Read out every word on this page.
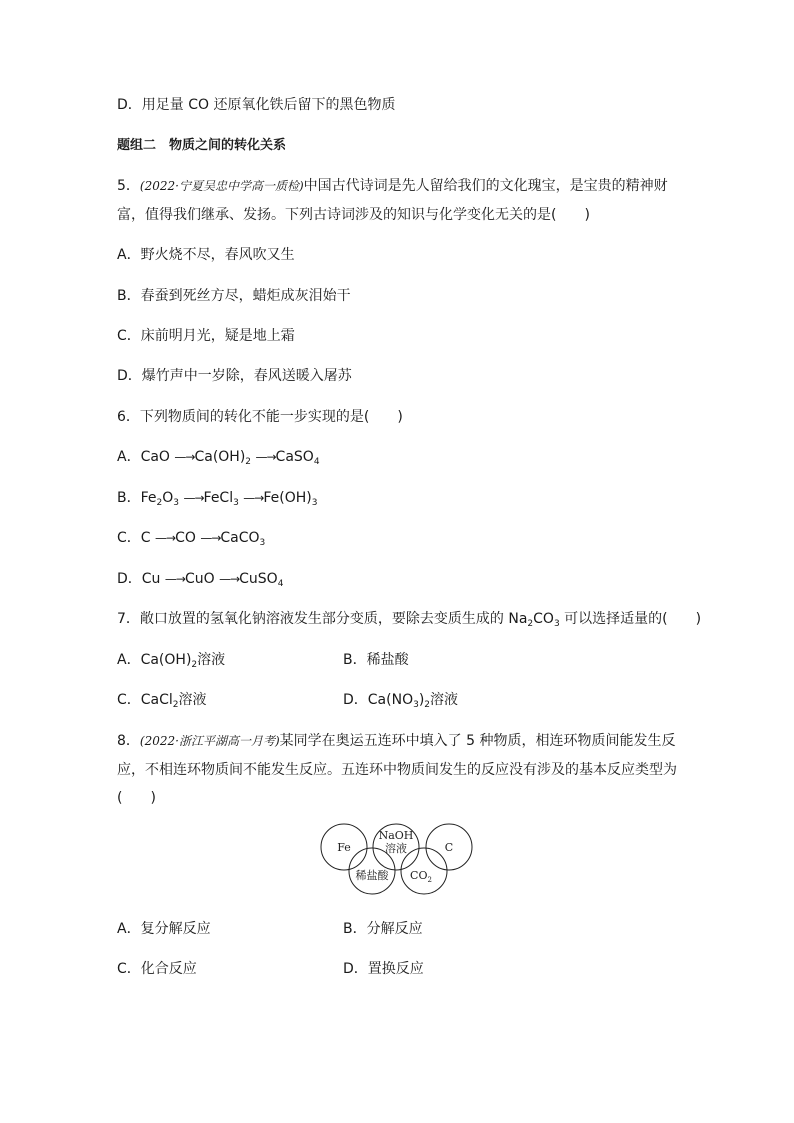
D．用足量 CO 还原氧化铁后留下的黑色物质
题组二　物质之间的转化关系
5．(2022·宁夏吴忠中学高一质检)中国古代诗词是先人留给我们的文化瑰宝，是宝贵的精神财
富，值得我们继承、发扬。下列古诗词涉及的知识与化学变化无关的是(　　)
A．野火烧不尽，春风吹又生
B．春蚕到死丝方尽，蜡炬成灰泪始干
C．床前明月光，疑是地上霜
D．爆竹声中一岁除，春风送暖入屠苏
6．下列物质间的转化不能一步实现的是(　　)
A．CaO $—\to Ca(OH)_2$ —→CaSO$_4$
B．$Fe_2O_3$ —→FeCl$_3$ $—\to Fe(OH)_3$
C．C —→CO —→CaCO$_3$
D．Cu —→CuO —→CuSO$_4$
7．敞口放置的氢氧化钠溶液发生部分变质，要除去变质生成的 $Na_2CO_3$ 可以选择适量的(　　)
A．$Ca(OH)_2$溶液	B．稀盐酸
C．CaCl$_2$溶液	D．$Ca(NO_3)_2$溶液
8．(2022·浙江平湖高一月考)某同学在奥运五连环中填入了 5 种物质，相连环物质间能发生反
应，不相连环物质间不能发生反应。五连环中物质间发生的反应没有涉及的基本反应类型为
(　　)
Fe
NaOH
溶液	C
稀盐酸 $CO_2$
A．复分解反应	B．分解反应
C．化合反应	D．置换反应
